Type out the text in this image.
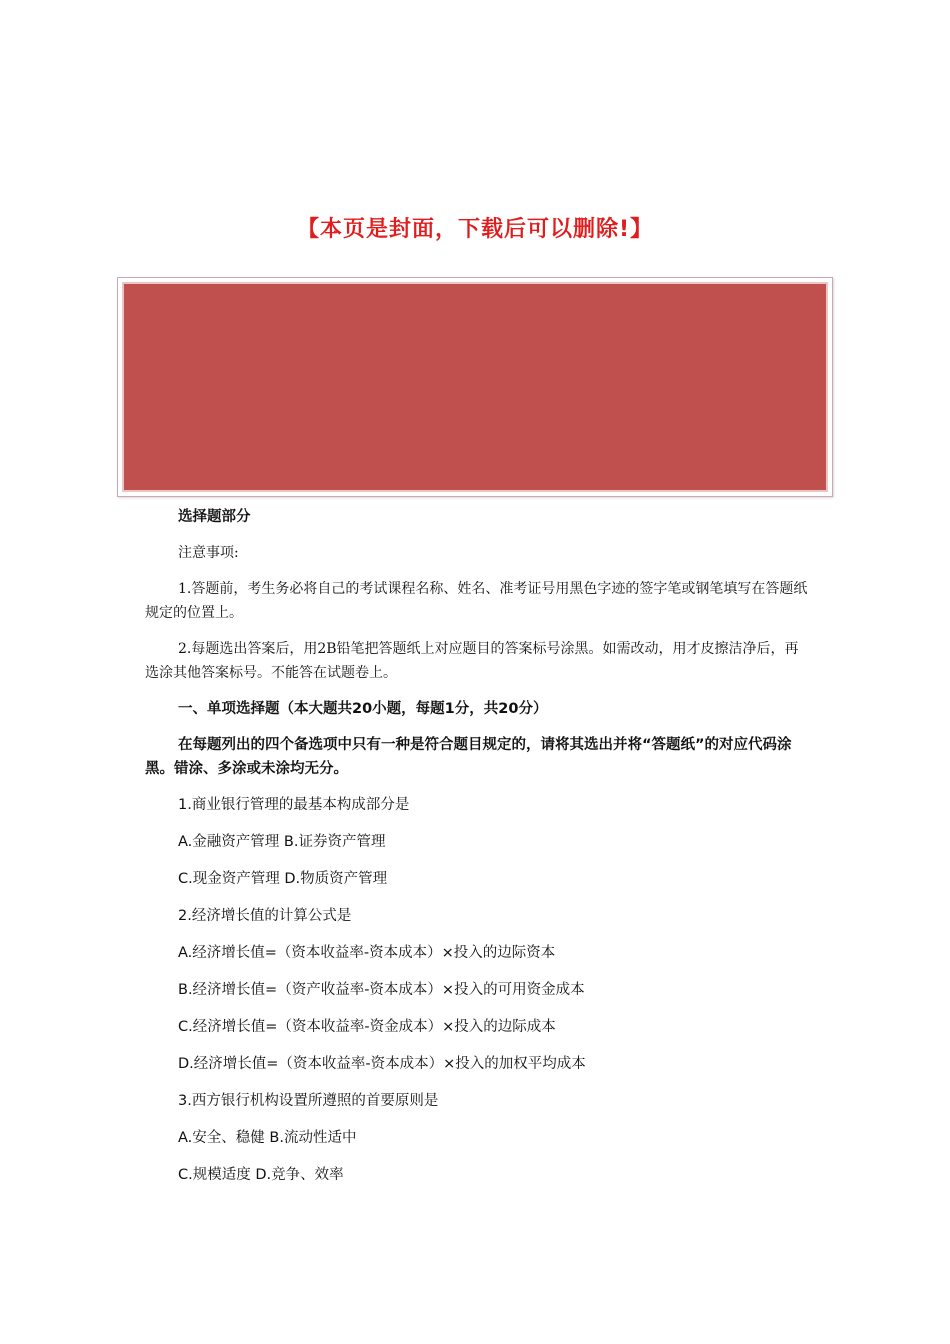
【本页是封面，下载后可以删除!】

选择题部分

注意事项:

1.答题前，考生务必将自己的考试课程名称、姓名、准考证号用黑色字迹的签字笔或钢笔填写在答题纸规定的位置上。

2.每题选出答案后，用2B铅笔把答题纸上对应题目的答案标号涂黑。如需改动，用才皮擦洁净后，再选涂其他答案标号。不能答在试题卷上。

一、单项选择题（本大题共20小题，每题1分，共20分）

在每题列出的四个备选项中只有一种是符合题目规定的，请将其选出并将“答题纸”的对应代码涂黑。错涂、多涂或未涂均无分。

1.商业银行管理的最基本构成部分是

A.金融资产管理 B.证券资产管理

C.现金资产管理 D.物质资产管理

2.经济增长值的计算公式是

A.经济增长值=（资本收益率-资本成本）×投入的边际资本

B.经济增长值=（资产收益率-资本成本）×投入的可用资金成本

C.经济增长值=（资本收益率-资金成本）×投入的边际成本

D.经济增长值=（资本收益率-资本成本）×投入的加权平均成本

3.西方银行机构设置所遵照的首要原则是

A.安全、稳健 B.流动性适中

C.规模适度 D.竞争、效率
